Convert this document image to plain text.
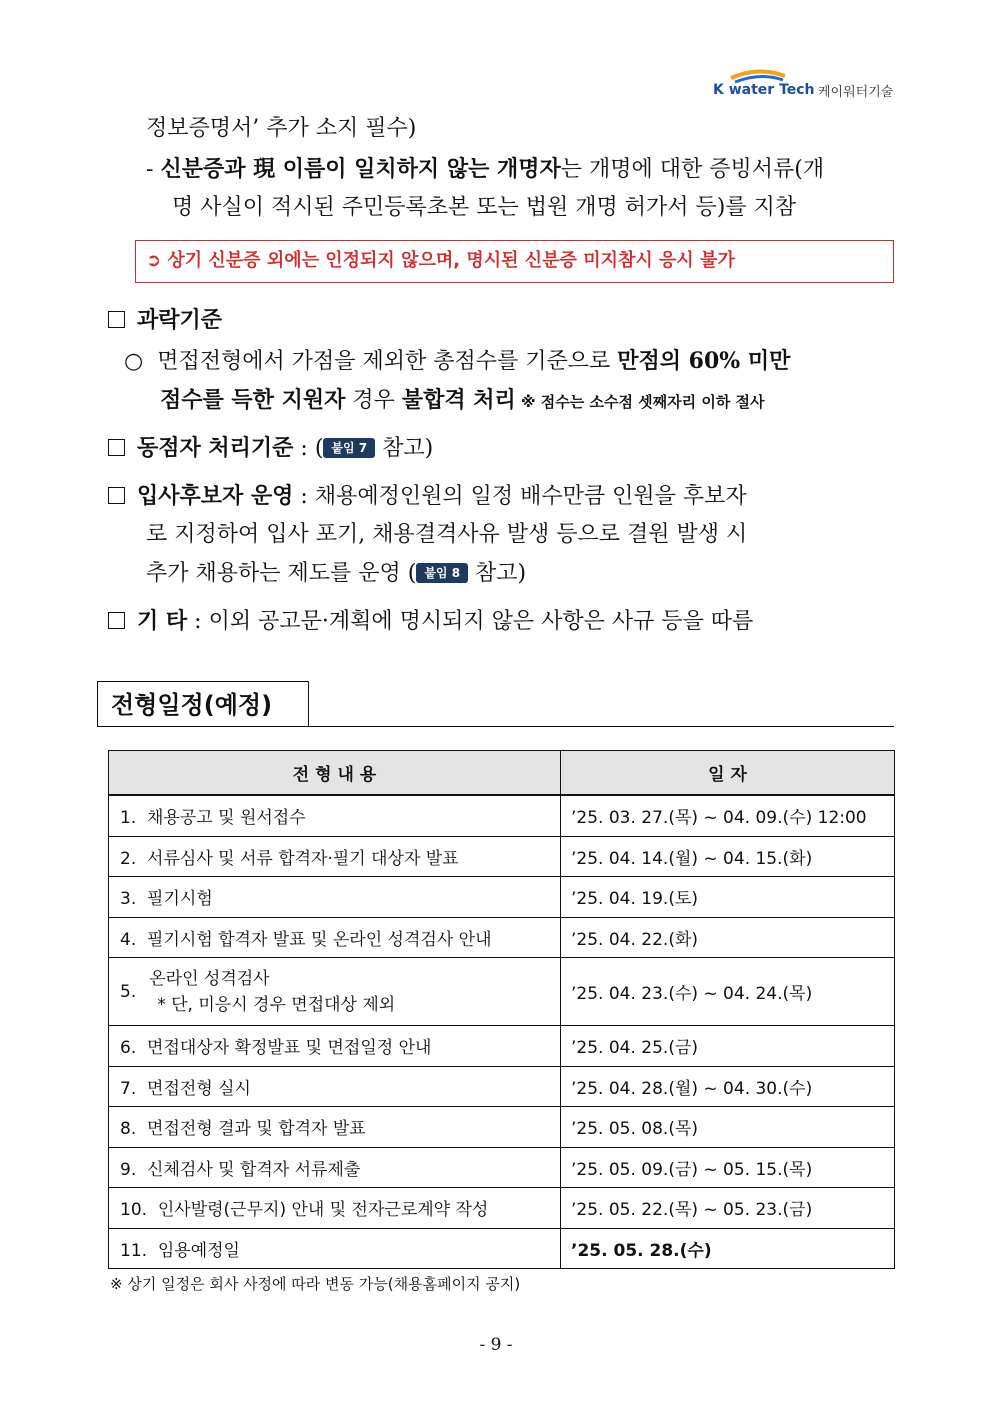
K water Tech 케이워터기술
정보증명서’ 추가 소지 필수)
- 신분증과 現 이름이 일치하지 않는 개명자는 개명에 대한 증빙서류(개
명 사실이 적시된 주민등록초본 또는 법원 개명 허가서 등)를 지참
➲ 상기 신분증 외에는 인정되지 않으며, 명시된 신분증 미지참시 응시 불가
과락기준
○ 면접전형에서 가점을 제외한 총점수를 기준으로 만점의 60% 미만
점수를 득한 지원자 경우 불합격 처리 ※ 점수는 소수점 셋째자리 이하 절사
동점자 처리기준 : ( 붙임 7 참고)
입사후보자 운영 : 채용예정인원의 일정 배수만큼 인원을 후보자
로 지정하여 입사 포기, 채용결격사유 발생 등으로 결원 발생 시
추가 채용하는 제도를 운영 ( 붙임 8 참고)
기 타 : 이외 공고문·계획에 명시되지 않은 사항은 사규 등을 따름
전형일정(예정)
전 형 내 용	일 자
1. 채용공고 및 원서접수	’25. 03. 27.(목) ~ 04. 09.(수) 12:00
2. 서류심사 및 서류 합격자·필기 대상자 발표	’25. 04. 14.(월) ~ 04. 15.(화)
3. 필기시험	’25. 04. 19.(토)
4. 필기시험 합격자 발표 및 온라인 성격검사 안내	’25. 04. 22.(화)

5.
온라인 성격검사
* 단, 미응시 경우 면접대상 제외	’25. 04. 23.(수) ~ 04. 24.(목)
6. 면접대상자 확정발표 및 면접일정 안내	’25. 04. 25.(금)
7. 면접전형 실시	’25. 04. 28.(월) ~ 04. 30.(수)
8. 면접전형 결과 및 합격자 발표	’25. 05. 08.(목)
9. 신체검사 및 합격자 서류제출	’25. 05. 09.(금) ~ 05. 15.(목)
10. 인사발령(근무지) 안내 및 전자근로계약 작성	’25. 05. 22.(목) ~ 05. 23.(금)
11. 임용예정일	’25. 05. 28.(수)
※ 상기 일정은 회사 사정에 따라 변동 가능(채용홈페이지 공지)
- 9 -
